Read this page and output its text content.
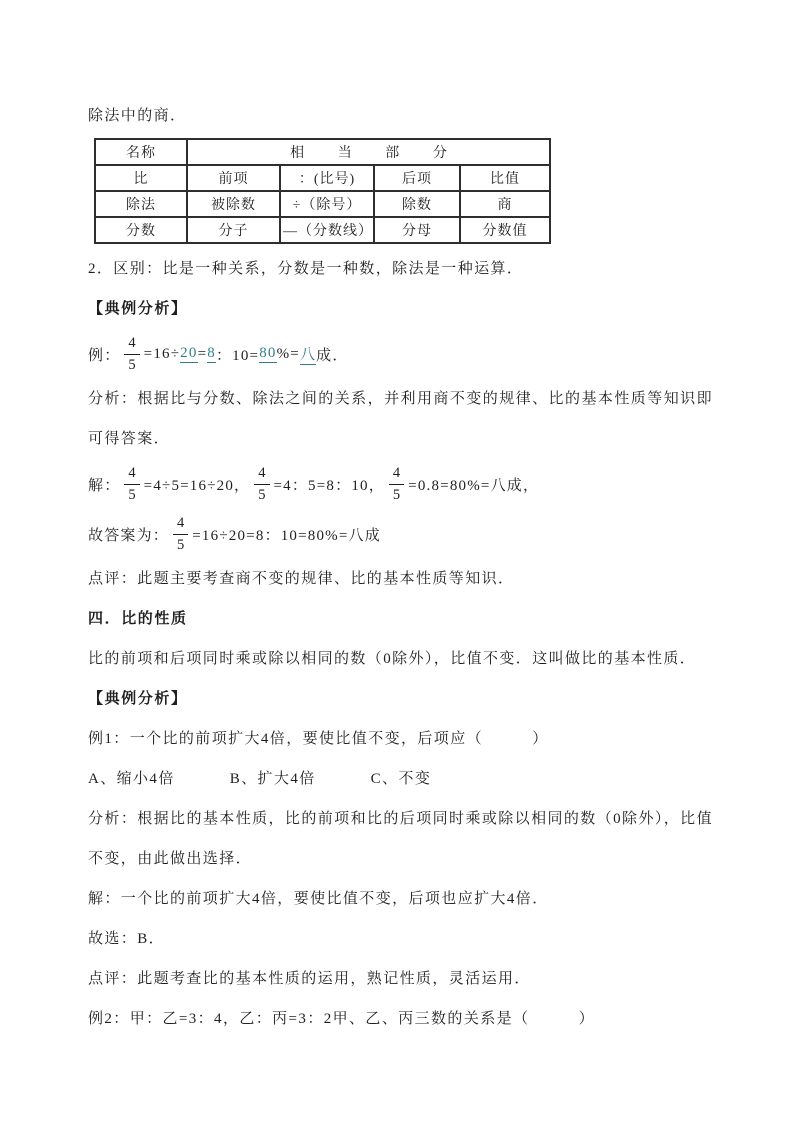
除法中的商．

名称	相当部分			
比	前项	：(比号)	后项	比值
除法	被除数	÷（除号）	除数	商
分数	分子	—（分数线）	分母	分数值

2．区别：比是一种关系，分数是一种数，除法是一种运算．

【典例分析】

例： $\frac{4}{5} =16\div 20 = 8$ ：10= 80 %= 八 成．

分析：根据比与分数、除法之间的关系，并利用商不变的规律、比的基本性质等知识即可得答案．

解： $\frac{4}{5} =4\div 5=16\div 20$， $\frac{4}{5} =4$：5=8：10， $\frac{4}{5} =0.8=80\%=$八成，
故答案为： $\frac{4}{5} =16\div 20=8$：10=80%=八成

点评：此题主要考查商不变的规律、比的基本性质等知识．

四．比的性质

比的前项和后项同时乘或除以相同的数（0除外），比值不变．这叫做比的基本性质．

【典例分析】

例1：一个比的前项扩大4倍，要使比值不变，后项应（　　　）

A、缩小4倍	B、扩大4倍	C、不变

分析：根据比的基本性质，比的前项和比的后项同时乘或除以相同的数（0除外），比值不变，由此做出选择．

解：一个比的前项扩大4倍，要使比值不变，后项也应扩大4倍．

故选：B．

点评：此题考查比的基本性质的运用，熟记性质，灵活运用．

例2：甲：乙=3：4，乙：丙=3：2甲、乙、丙三数的关系是（　　　）
